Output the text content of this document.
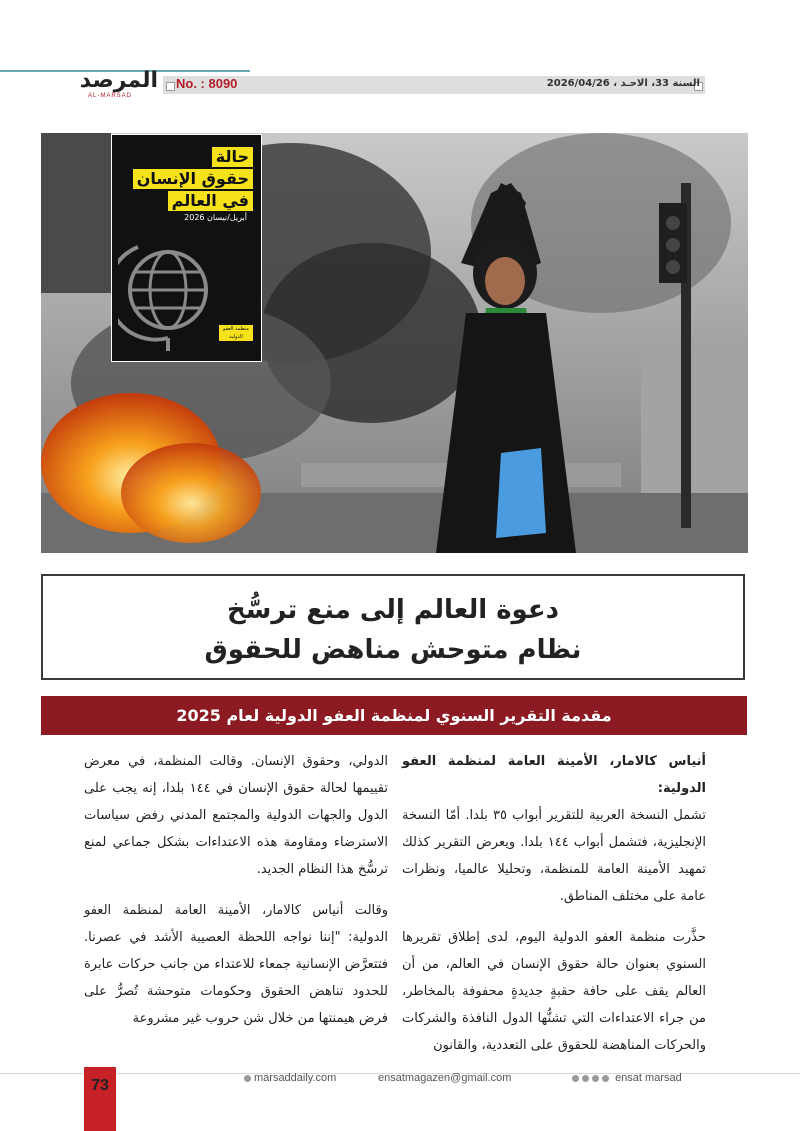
المرصد
AL-MARSAD
No. : 8090	السنة 33، الاحـد ، 2026/04/26
حالة
حقوق الإنسان
في العالم
أبريل/نيسان 2026
منظمة العفو الدولية
دعوة العالم إلى منع ترسُّخ
نظام متوحش مناهض للحقوق
مقدمة التقرير السنوي لمنظمة العفو الدولية لعام 2025

أنياس كالامار، الأمينة العامة لمنظمة العفو الدولية:
تشمل النسخة العربية للتقرير أبواب ٣٥ بلدا. أمّا النسخة الإنجليزية، فتشمل أبواب ١٤٤ بلدا. ويعرض التقرير كذلك تمهيد الأمينة العامة للمنظمة، وتحليلا عالميا، ونظرات عامة على مختلف المناطق.

حذَّرت منظمة العفو الدولية اليوم، لدى إطلاق تقريرها السنوي بعنوان حالة حقوق الإنسان في العالم، من أن العالم يقف على حافة حقبةٍ جديدةٍ محفوفة بالمخاطر، من جراء الاعتداءات التي تشنُّها الدول النافذة والشركات والحركات المناهضة للحقوق على التعددية، والقانون

الدولي، وحقوق الإنسان. وقالت المنظمة، في معرض تقييمها لحالة حقوق الإنسان في ١٤٤ بلدا، إنه يجب على الدول والجهات الدولية والمجتمع المدني رفض سياسات الاسترضاء ومقاومة هذه الاعتداءات بشكل جماعي لمنع ترسُّخ هذا النظام الجديد.

وقالت أنياس كالامار، الأمينة العامة لمنظمة العفو الدولية: "إننا نواجه اللحظة العصيبة الأشد في عصرنا. فتتعرَّض الإنسانية جمعاء للاعتداء من جانب حركات عابرة للحدود تناهض الحقوق وحكومات متوحشة تُصرُّ على فرض هيمنتها من خلال شن حروب غير مشروعة

73	marsaddaily.com	ensatmagazen@gmail.com	ensat marsad
